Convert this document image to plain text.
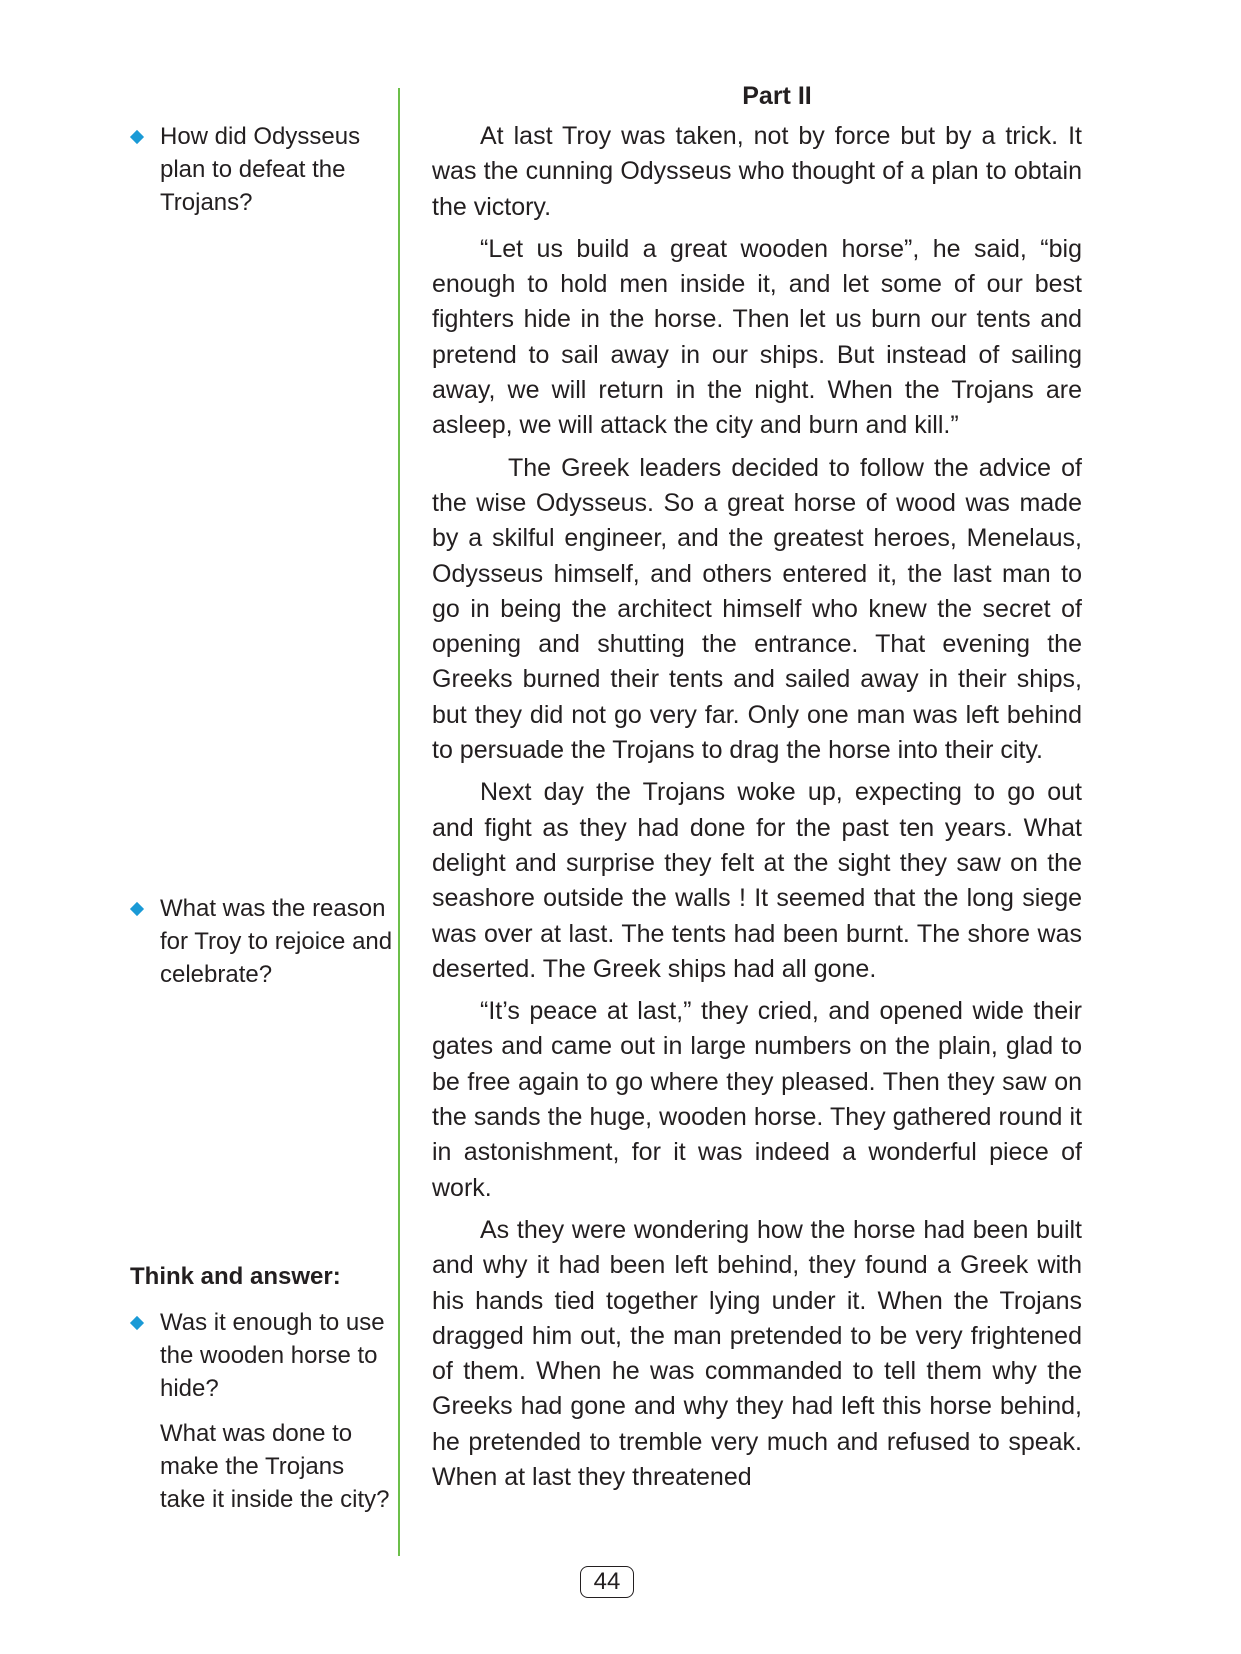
How did Odysseus plan to defeat the Trojans?

What was the reason for Troy to rejoice and celebrate?

Think and answer:

Was it enough to use the wooden horse to hide?

What was done to make the Trojans take it inside the city?

Part II

At last Troy was taken, not by force but by a trick. It was the cunning Odysseus who thought of a plan to obtain the victory.

“Let us build a great wooden horse”, he said, “big enough to hold men inside it, and let some of our best fighters hide in the horse. Then let us burn our tents and pretend to sail away in our ships. But instead of sailing away, we will return in the night. When the Trojans are asleep, we will attack the city and burn and kill.”

The Greek leaders decided to follow the advice of the wise Odysseus. So a great horse of wood was made by a skilful engineer, and the greatest heroes, Menelaus, Odysseus himself, and others entered it, the last man to go in being the architect himself who knew the secret of opening and shutting the entrance. That evening the Greeks burned their tents and sailed away in their ships, but they did not go very far. Only one man was left behind to persuade the Trojans to drag the horse into their city.

Next day the Trojans woke up, expecting to go out and fight as they had done for the past ten years. What delight and surprise they felt at the sight they saw on the seashore outside the walls ! It seemed that the long siege was over at last. The tents had been burnt. The shore was deserted. The Greek ships had all gone.

“It’s peace at last,” they cried, and opened wide their gates and came out in large numbers on the plain, glad to be free again to go where they pleased. Then they saw on the sands the huge, wooden horse. They gathered round it in astonishment, for it was indeed a wonderful piece of work.

As they were wondering how the horse had been built and why it had been left behind, they found a Greek with his hands tied together lying under it. When the Trojans dragged him out, the man pretended to be very frightened of them. When he was commanded to tell them why the Greeks had gone and why they had left this horse behind, he pretended to tremble very much and refused to speak. When at last they threatened

44
